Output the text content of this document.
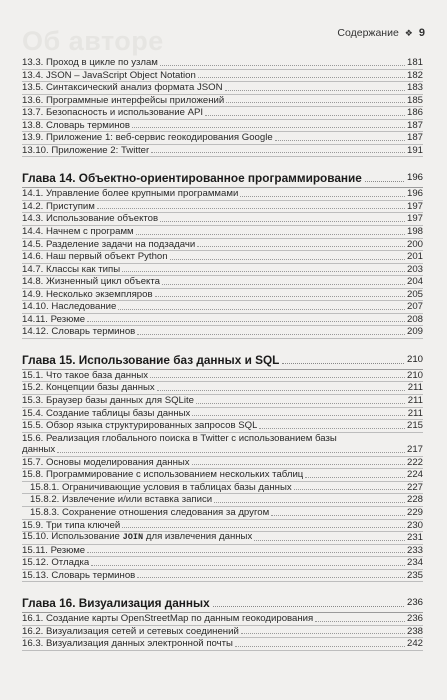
Об авторе	Содержание ❖ 9
13.3. Проход в цикле по узлам	181
13.4. JSON – JavaScript Object Notation	182
13.5. Синтаксический анализ формата JSON	183
13.6. Программные интерфейсы приложений	185
13.7. Безопасность и использование API	186
13.8. Словарь терминов	187
13.9. Приложение 1: веб-сервис геокодирования Google	187
13.10. Приложение 2: Twitter	191
Глава 14. Объектно-ориентированное программирование	196
14.1. Управление более крупными программами	196
14.2. Приступим	197
14.3. Использование объектов	197
14.4. Начнем с программ	198
14.5. Разделение задачи на подзадачи	200
14.6. Наш первый объект Python	201
14.7. Классы как типы	203
14.8. Жизненный цикл объекта	204
14.9. Несколько экземпляров	205
14.10. Наследование	207
14.11. Резюме	208
14.12. Словарь терминов	209
Глава 15. Использование баз данных и SQL	210
15.1. Что такое база данных	210
15.2. Концепции базы данных	211
15.3. Браузер базы данных для SQLite	211
15.4. Создание таблицы базы данных	211
15.5. Обзор языка структурированных запросов SQL	215
15.6. Реализация глобального поиска в Twitter с использованием базы
данных	217
15.7. Основы моделирования данных	222
15.8. Программирование с использованием нескольких таблиц	224
15.8.1. Ограничивающие условия в таблицах базы данных	227
15.8.2. Извлечение и/или вставка записи	228
15.8.3. Сохранение отношения следования за другом	229
15.9. Три типа ключей	230
15.10. Использование JOIN для извлечения данных	231
15.11. Резюме	233
15.12. Отладка	234
15.13. Словарь терминов	235
Глава 16. Визуализация данных	236
16.1. Создание карты OpenStreetMap по данным геокодирования	236
16.2. Визуализация сетей и сетевых соединений	238
16.3. Визуализация данных электронной почты	242
